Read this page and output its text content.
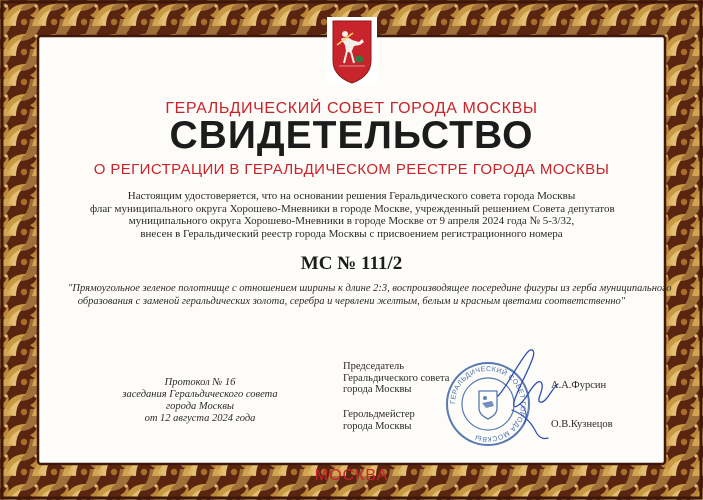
ГЕРАЛЬДИЧЕСКИЙ СОВЕТ ГОРОДА МОСКВЫ
СВИДЕТЕЛЬСТВО
О РЕГИСТРАЦИИ В ГЕРАЛЬДИЧЕСКОМ РЕЕСТРЕ ГОРОДА МОСКВЫ
Настоящим удостоверяется, что на основании решения Геральдического совета города Москвы
флаг муниципального округа Хорошево-Мневники в городе Москве, учрежденный решением Совета депутатов
муниципального округа Хорошево-Мневники в городе Москве от 9 апреля 2024 года № 5-3/32,
внесен в Геральдический реестр города Москвы с присвоением регистрационного номера
МС № 111/2
"Прямоугольное зеленое полотнище с отношением ширины к длине 2:3, воспроизводящее посередине фигуры из герба муниципального
образования с заменой геральдических золота, серебра и червлени желтым, белым и красным цветами соответственно"
Протокол № 16
заседания Геральдического совета
города Москвы
от 12 августа 2024 года
Председатель
Геральдического совета
города Москвы
Герольдмейстер
города Москвы
ГЕРАЛЬДИЧЕСКИЙ СОВЕТ ГОРОДА МОСКВЫ
А.А.Фурсин
О.В.Кузнецов
МОСКВА
